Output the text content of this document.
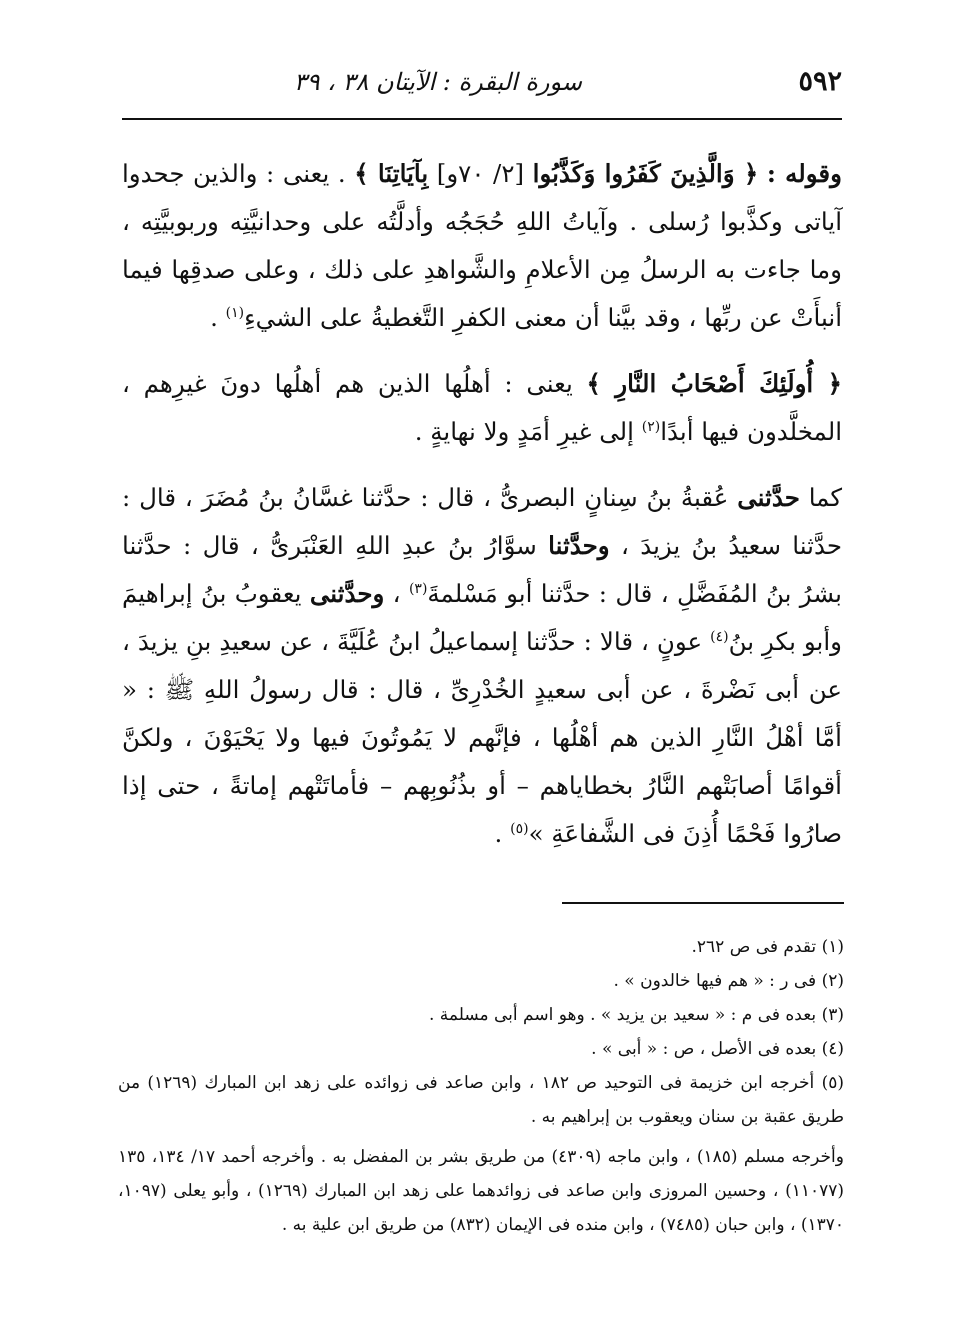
٥٩٢
سورة البقرة : الآيتان ٣٨ ، ٣٩

وقوله : ﴿ وَالَّذِينَ كَفَرُوا وَكَذَّبُوا [٢/ ٧٠و] بِآيَاتِنَا ﴾ . يعنى : والذين جحدوا آياتى وكذَّبوا رُسلى . وآياتُ اللهِ حُجَجُه وأدلَّتُه على وحدانيَّتِه وربوبيَّتِه ، وما جاءت به الرسلُ مِن الأعلامِ والشَّواهدِ على ذلك ، وعلى صدقِها فيما أنبأَتْ عن ربِّها ، وقد بيَّنا أن معنى الكفرِ التَّغطيةُ على الشيءِ$^{(١)}$ .

﴿ أُولَئِكَ أَصْحَابُ النَّارِ ﴾ يعنى : أهلُها الذين هم أهلُها دونَ غيرِهم ، المخلَّدون فيها أبدًا$^{(٢)}$ إلى غيرِ أمَدٍ ولا نهايةٍ .

كما حدَّثنى عُقبةُ بنُ سِنانٍ البصرىُّ ، قال : حدَّثنا غسَّانُ بنُ مُضَرَ ، قال : حدَّثنا سعيدُ بنُ يزيدَ ، وحدَّثنا سوَّارُ بنُ عبدِ اللهِ العَنْبَرىُّ ، قال : حدَّثنا بشرُ بنُ المُفَضَّلِ ، قال : حدَّثنا أبو مَسْلمةَ$^{(٣)}$ ، وحدَّثنى يعقوبُ بنُ إبراهيمَ وأبو بكرِ بنُ$^{(٤)}$ عونٍ ، قالا : حدَّثنا إسماعيلُ ابنُ عُلَيَّةَ ، عن سعيدِ بنِ يزيدَ ، عن أبى نَضْرةَ ، عن أبى سعيدٍ الخُدْرِىِّ ، قال : قال رسولُ اللهِ ﷺ : « أمَّا أهْلُ النَّارِ الذين هم أهْلُها ، فإنَّهم لا يَمُوتُونَ فيها ولا يَحْيَوْنَ ، ولكنَّ أقوامًا أصابَتْهم النَّارُ بخطاياهم – أو بذُنُوبِهم – فأماتَتْهم إماتةً ، حتى إذا صارُوا فَحْمًا أُذِنَ فى الشَّفاعَةِ »$^{(٥)}$ .

(١) تقدم فى ص ٢٦٢.

(٢) فى ر : « هم فيها خالدون » .

(٣) بعده فى م : « سعيد بن يزيد » . وهو اسم أبى مسلمة .

(٤) بعده فى الأصل ، ص : « أبى » .

(٥) أخرجه ابن خزيمة فى التوحيد ص ١٨٢ ، وابن صاعد فى زوائده على زهد ابن المبارك (١٢٦٩) من طريق عقبة بن سنان ويعقوب بن إبراهيم به .

وأخرجه مسلم (١٨٥) ، وابن ماجه (٤٣٠٩) من طريق بشر بن المفضل به . وأخرجه أحمد ١٧/ ١٣٤، ١٣٥ (١١٠٧٧) ، وحسين المروزى وابن صاعد فى زوائدهما على زهد ابن المبارك (١٢٦٩) ، وأبو يعلى (١٠٩٧، ١٣٧٠) ، وابن حبان (٧٤٨٥) ، وابن منده فى الإيمان (٨٣٢) من طريق ابن علية به .
